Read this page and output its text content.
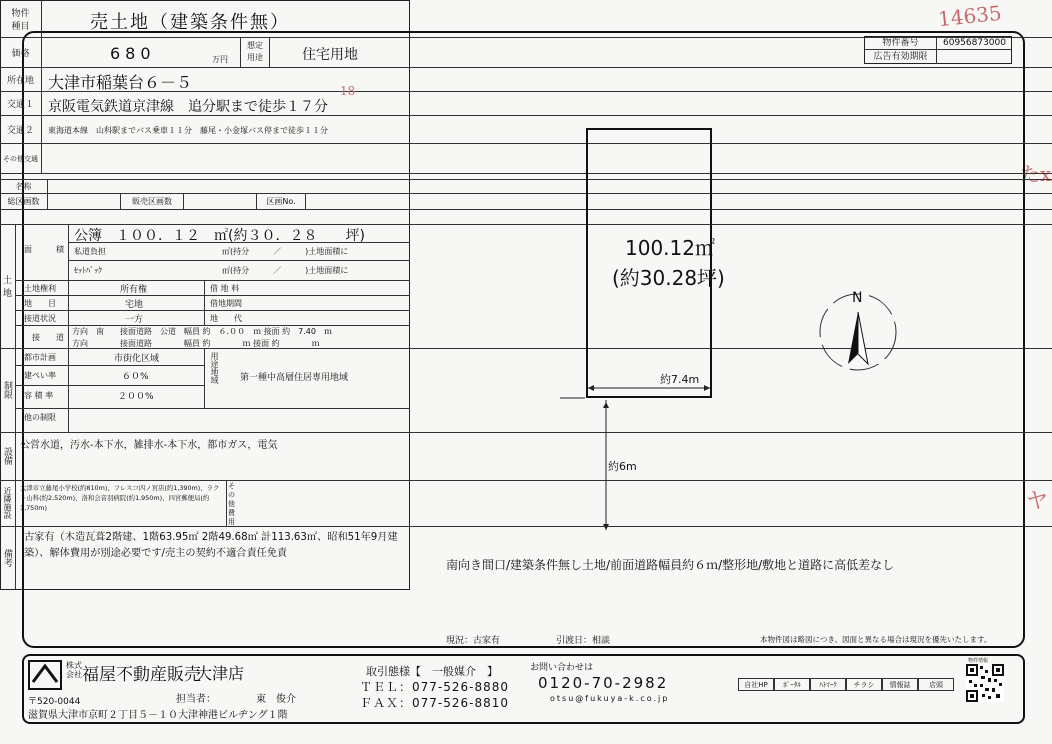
14635
たx
ヤ
物件番号	60956873000
広告有効期限
物件
種目	売土地（建築条件無）
価格	680	万円
想定
用途	住宅用地
所在地 大津市稲葉台６－５
交通１	京阪電気鉄道京津線　追分駅まで徒歩１７分
18
交通２	東海道本線　山科駅までバス乗車１１分　藤尾・小金塚バス停まで徒歩１１分
その他交通
名称
総区画数	販売区画数	区画No.
土
地
面　　　積
公簿　１００．１２　㎡(約３０．２８　　坪)
私道負担	㎡(持分　　　／　　　)土地面積に
ｾｯﾄﾊﾞｯｸ	㎡(持分　　　／　　　)土地面積に
土地権利	所有権	借 地 料
地　　目	宅地	借地期間
接道状況	一方	地　　代
接　　道
方向　南　　接面道路　公道　幅員 約　６.００　ｍ 接面 約　7.40　ｍ
方向　　　　接面道路　　　　幅員 約　　　　ｍ 接面 約　　　　ｍ
制限
都市計画	市街化区域
建ぺい率	６０%
容 積 率	２００%
他の制限
用途地域 第一種中高層住居専用地域
設備
公営水道，汚水-本下水，雑排水-本下水，都市ガス，電気
近隣施設	大津市立藤尾小学校(約810m)、フレスコ四ノ宮店(約1,390m)、ラクト山科(約2,520m)、洛和会音羽病院(約1,950m)、四宮郵便局(約1,750m)
その他費用
備考
古家有（木造瓦葺2階建、1階63.95㎡ 2階49.68㎡ 計113.63㎡、昭和51年9月建築）、解体費用が別途必要です/売主の契約不適合責任免責
100.12㎡
(約30.28坪)
約7.4m
約6m
N
南向き間口/建築条件無し土地/前面道路幅員約６ｍ/整形地/敷地と道路に高低差なし
現況：古家有	引渡日：相談	本物件図は略図につき、図面と異なる場合は現況を優先いたします。
株式会社 福屋不動産販売
大津店
〒520-0044
滋賀県大津市京町２丁目５－１０大津神港ビルヂング１階
担当者：	東　俊介
取引態様【　一般媒介　】	お問い合わせは
ＴＥＬ：077-526-8880 0120-70-2982
ＦＡＸ：077-526-8810	otsu@fukuya-k.co.jp
自社HP	ﾎﾟｰﾀﾙ	ﾊﾄﾏｰｸ	チラシ	情報誌	店頭
物件情報
